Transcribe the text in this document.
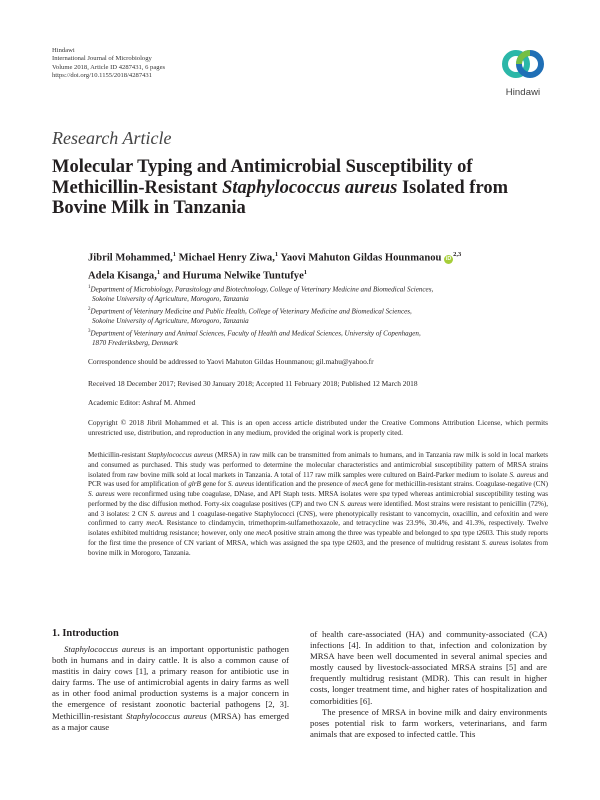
Hindawi
International Journal of Microbiology
Volume 2018, Article ID 4287431, 6 pages
https://doi.org/10.1155/2018/4287431
Hindawi
Research Article
Molecular Typing and Antimicrobial Susceptibility of
Methicillin-Resistant Staphylococcus aureus Isolated from
Bovine Milk in Tanzania
Jibril Mohammed,$^1$ Michael Henry Ziwa,$^1$ Yaovi Mahuton Gildas Hounmanou iD$^{2,3}$
Adela Kisanga,$^1$ and Huruma Nelwike Tuntufye$^1$
$^1$Department of Microbiology, Parasitology and Biotechnology, College of Veterinary Medicine and Biomedical Sciences,
Sokoine University of Agriculture, Morogoro, Tanzania
$^2$Department of Veterinary Medicine and Public Health, College of Veterinary Medicine and Biomedical Sciences,
Sokoine University of Agriculture, Morogoro, Tanzania
$^3$Department of Veterinary and Animal Sciences, Faculty of Health and Medical Sciences, University of Copenhagen,
1870 Frederiksberg, Denmark
Correspondence should be addressed to Yaovi Mahuton Gildas Hounmanou; gil.mahu@yahoo.fr
Received 18 December 2017; Revised 30 January 2018; Accepted 11 February 2018; Published 12 March 2018
Academic Editor: Ashraf M. Ahmed
Copyright © 2018 Jibril Mohammed et al. This is an open access article distributed under the Creative Commons Attribution License, which permits unrestricted use, distribution, and reproduction in any medium, provided the original work is properly cited.
Methicillin-resistant Staphylococcus aureus (MRSA) in raw milk can be transmitted from animals to humans, and in Tanzania raw milk is sold in local markets and consumed as purchased. This study was performed to determine the molecular characteristics and antimicrobial susceptibility pattern of MRSA strains isolated from raw bovine milk sold at local markets in Tanzania. A total of 117 raw milk samples were cultured on Baird-Parker medium to isolate S. aureus and PCR was used for amplification of glrB gene for S. aureus identification and the presence of mecA gene for methicillin-resistant strains. Coagulase-negative (CN) S. aureus were reconfirmed using tube coagulase, DNase, and API Staph tests. MRSA isolates were spa typed whereas antimicrobial susceptibility testing was performed by the disc diffusion method. Forty-six coagulase positives (CP) and two CN S. aureus were identified. Most strains were resistant to penicillin (72%), and 3 isolates: 2 CN S. aureus and 1 coagulase-negative Staphylococci (CNS), were phenotypically resistant to vancomycin, oxacillin, and cefoxitin and were confirmed to carry mecA. Resistance to clindamycin, trimethoprim-sulfamethoxazole, and tetracycline was 23.9%, 30.4%, and 41.3%, respectively. Twelve isolates exhibited multidrug resistance; however, only one mecA positive strain among the three was typeable and belonged to spa type t2603. This study reports for the first time the presence of CN variant of MRSA, which was assigned the spa type t2603, and the presence of multidrug resistant S. aureus isolates from bovine milk in Morogoro, Tanzania.
1. Introduction

Staphylococcus aureus is an important opportunistic pathogen both in humans and in dairy cattle. It is also a common cause of mastitis in dairy cows [1], a primary reason for antibiotic use in dairy farms. The use of antimicrobial agents in dairy farms as well as in other food animal production systems is a major concern in the emergence of resistant zoonotic bacterial pathogens [2, 3]. Methicillin-resistant Staphylococcus aureus (MRSA) has emerged as a major cause

of health care-associated (HA) and community-associated (CA) infections [4]. In addition to that, infection and colonization by MRSA have been well documented in several animal species and mostly caused by livestock-associated MRSA strains [5] and are frequently multidrug resistant (MDR). This can result in higher costs, longer treatment time, and higher rates of hospitalization and comorbidities [6].

The presence of MRSA in bovine milk and dairy environments poses potential risk to farm workers, veterinarians, and farm animals that are exposed to infected cattle. This
